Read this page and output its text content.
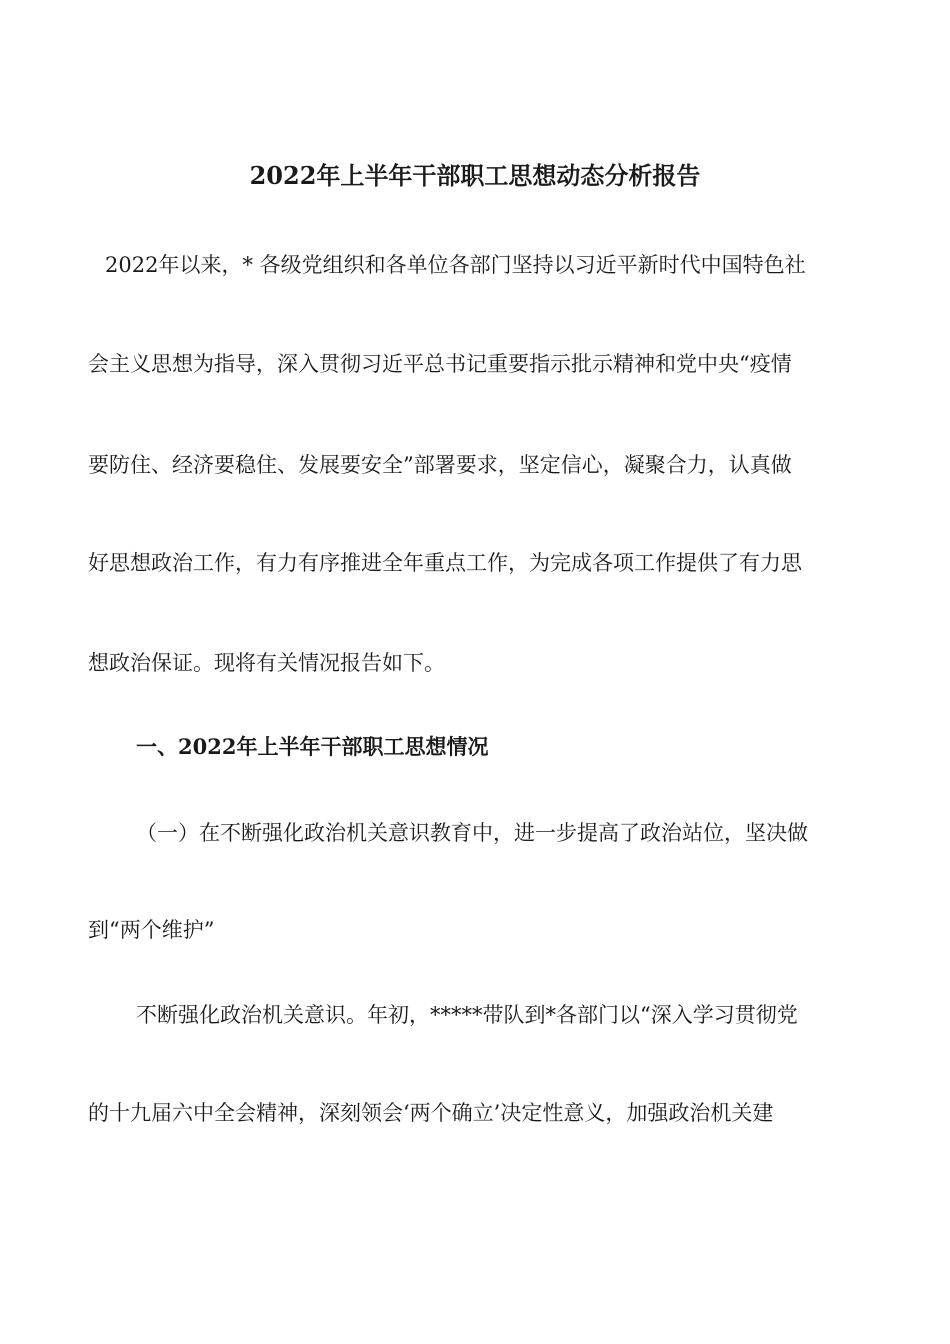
2022年上半年干部职工思想动态分析报告
2022年以来，* 各级党组织和各单位各部门坚持以习近平新时代中国特色社
会主义思想为指导，深入贯彻习近平总书记重要指示批示精神和党中央“疫情
要防住、经济要稳住、发展要安全”部署要求，坚定信心，凝聚合力，认真做
好思想政治工作，有力有序推进全年重点工作，为完成各项工作提供了有力思
想政治保证。现将有关情况报告如下。
一、2022年上半年干部职工思想情况
（一）在不断强化政治机关意识教育中，进一步提高了政治站位，坚决做
到“两个维护”
不断强化政治机关意识。年初，*****带队到*各部门以“深入学习贯彻党
的十九届六中全会精神，深刻领会‘两个确立’决定性意义，加强政治机关建
